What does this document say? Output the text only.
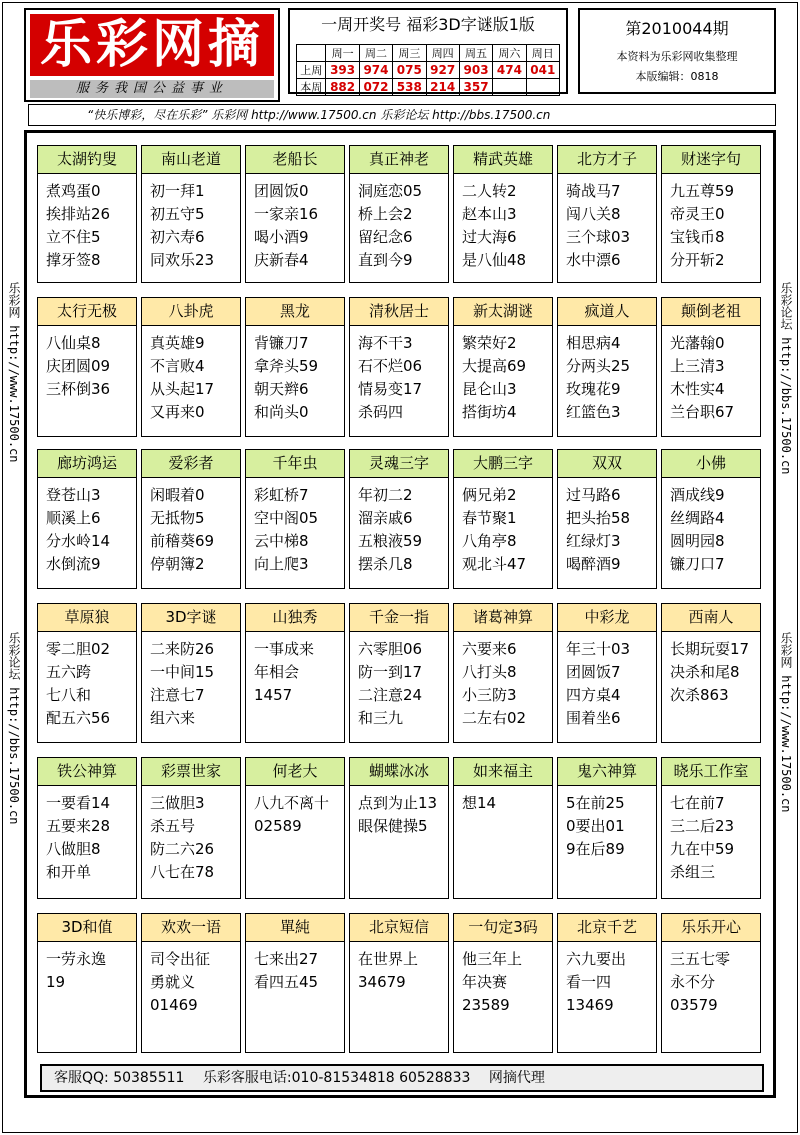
乐彩网摘
服务我国公益事业
一周开奖号 福彩3D字谜版1版
	周一	周二	周三	周四	周五	周六	周日
上周	393	974	075	927	903	474	041
本周	882	072	538	214	357		
第2010044期
本资料为乐彩网收集整理
本版编辑：0818
“快乐博彩，尽在乐彩” 乐彩网 http://www.17500.cn 乐彩论坛 http://bbs.17500.cn
乐彩网 http://www.17500.cn
乐彩论坛 http://bbs.17500.cn
乐彩论坛 http://bbs.17500.cn
乐彩网 http://www.17500.cn
太湖钓叟
煮鸡蛋0
挨排站26
立不住5
撑牙签8
南山老道
初一拜1
初五守5
初六寿6
同欢乐23
老船长
团圆饭0
一家亲16
喝小酒9
庆新春4
真正神老
洞庭恋05
桥上会2
留纪念6
直到今9
精武英雄
二人转2
赵本山3
过大海6
是八仙48
北方才子
骑战马7
闯八关8
三个球03
水中漂6
财迷字句
九五尊59
帝灵王0
宝钱币8
分开斩2
太行无极
八仙桌8
庆团圆09
三杯倒36
八卦虎
真英雄9
不言败4
从头起17
又再来0
黑龙
背镰刀7
拿斧头59
朝天辫6
和尚头0
清秋居士
海不干3
石不烂06
情易变17
杀码四
新太湖谜
繁荣好2
大提高69
昆仑山3
搭街坊4
疯道人
相思病4
分两头25
玫瑰花9
红篮色3
颠倒老祖
光藩翰0
上三清3
木性实4
兰台职67
廊坊鸿运
登苍山3
顺溪上6
分水岭14
水倒流9
爱彩者
闲暇着0
无抵物5
前稽葵69
停朝簿2
千年虫
彩虹桥7
空中阁05
云中梯8
向上爬3
灵魂三字
年初二2
溜亲戚6
五粮液59
摆杀几8
大鹏三字
俩兄弟2
春节聚1
八角亭8
观北斗47
双双
过马路6
把头抬58
红绿灯3
喝醉酒9
小佛
酒成线9
丝绸路4
圆明园8
镰刀口7
草原狼
零二胆02
五六跨
七八和
配五六56
3D字谜
二来防26
一中间15
注意七7
组六来
山独秀
一事成来
年相会
1457
千金一指
六零胆06
防一到17
二注意24
和三九
诸葛神算
六要来6
八打头8
小三防3
二左右02
中彩龙
年三十03
团圆饭7
四方桌4
围着坐6
西南人
长期玩耍17
决杀和尾8
次杀863
铁公神算
一要看14
五要来28
八做胆8
和开单
彩票世家
三做胆3
杀五号
防二六26
八七在78
何老大
八九不离十
02589
蝴蝶冰冰
点到为止13
眼保健操5
如来福主
想14
鬼六神算
5在前25
0要出01
9在后89
晓乐工作室
七在前7
三二后23
九在中59
杀组三
3D和值
一劳永逸
19
欢欢一语
司令出征
勇就义
01469
單純
七来出27
看四五45
北京短信
在世界上
34679
一句定3码
他三年上
年决赛
23589
北京千艺
六九要出
看一四
13469
乐乐开心
三五七零
永不分
03579
客服QQ: 50385511 乐彩客服电话:010-81534818 60528833 网摘代理
